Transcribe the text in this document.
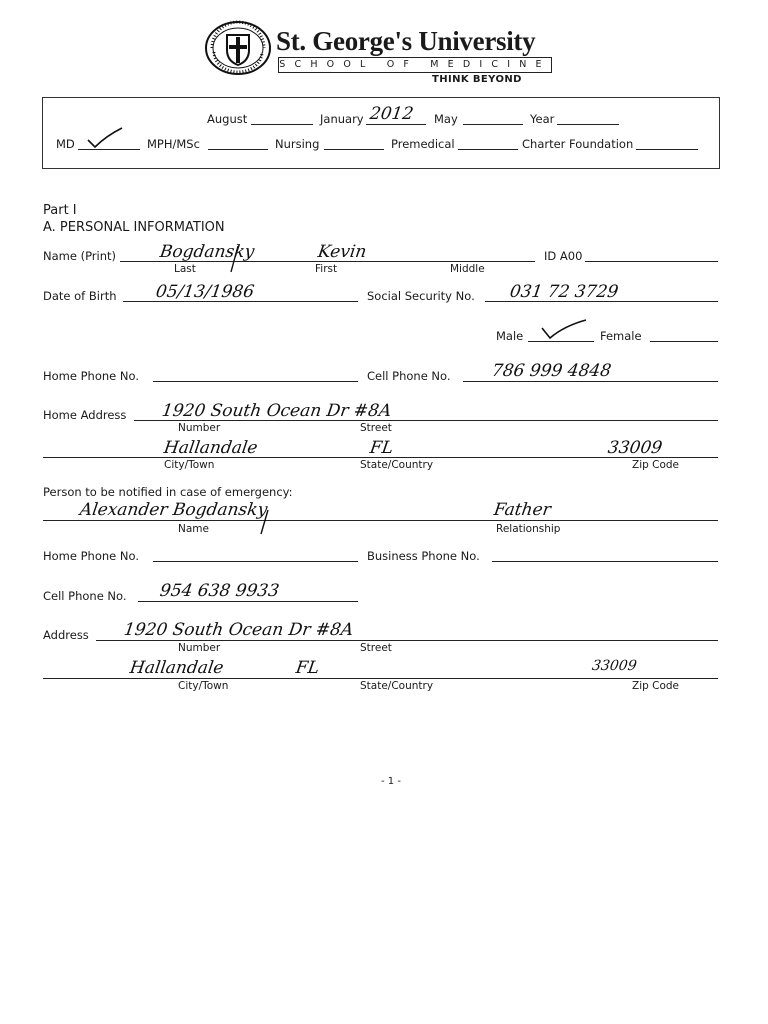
St. George's University
SCHOOL OF MEDICINE
THINK BEYOND
August	January 2012 May	Year
MD	MPH/MSc	Nursing	Premedical	Charter Foundation
Part I
A. PERSONAL INFORMATION
Name (Print)	Bogdansky	Kevin
Last	First	Middle
ID A00
Date of Birth 05/13/1986	Social Security No. 031 72 3729
Male	Female
Home Phone No.	Cell Phone No. 786 999 4848
Home Address 1920 South Ocean Dr #8A
Number	Street
Hallandale	FL	33009
City/Town	State/Country	Zip Code
Person to be notified in case of emergency:
Alexander Bogdansky	Father
Name	Relationship
Home Phone No.	Business Phone No.
Cell Phone No. 954 638 9933
Address 1920 South Ocean Dr #8A
Number	Street
Hallandale	FL	33009
City/Town	State/Country	Zip Code
- 1 -
